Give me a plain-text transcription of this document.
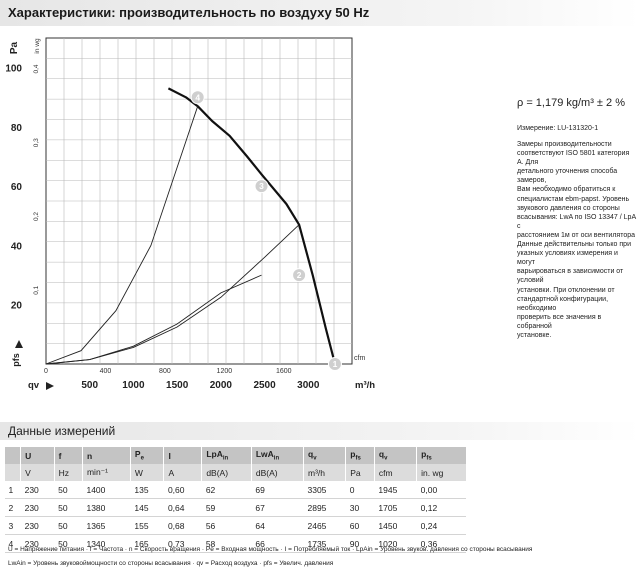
Характеристики: производительность по воздуху 50 Hz
1
2
3
4
20
40
60
80
100
0,1
0,2
0,3
0,4
Pa in wg
pfs
0	400	800	1200	1600
cfm
500 1000 1500 2000 2500 3000	m³/h
qv
ρ = 1,179 kg/m³ ± 2 %
Измерение: LU-131320-1
Замеры производительности
соответствуют ISO 5801 категория А. Для
детального уточнения способа замеров,
Вам необходимо обратиться к
специалистам ebm-papst. Уровень
звукового давления со стороны
всасывания: LwA по ISO 13347 / LpA с
расстоянием 1м от оси вентилятора
Данные действительны только при
указных условиях измерения и могут
варьироваться в зависимости от условий
установки. При отклонении от
стандартной конфигурации, необходимо
проверить все значения в собранной
установке.
Данные измерений
	U	f	n	$P_e$	I	LpA$_{in}$	LwA$_{in}$	$q_v$	$p_{fs}$	$q_v$	$p_{fs}$
	V	Hz	min⁻¹	W	A	dB(A)	dB(A)	m³/h	Pa	cfm	in. wg
1	230	50	1400	135	0,60	62	69	3305	0	1945	0,00
2	230	50	1380	145	0,64	59	67	2895	30	1705	0,12
3	230	50	1365	155	0,68	56	64	2465	60	1450	0,24
4	230	50	1340	165	0,73	58	66	1735	90	1020	0,36
U = Напряжение питания · f = Частота · n = Скорость вращения · Pe = Входная мощность · I = Потребляемый ток · LpAin = Уровень звуков. давления со стороны всасывания
LwAin = Уровень звуковоймощности со стороны всасывания · qv = Расход воздуха · pfs = Увелич. давления
